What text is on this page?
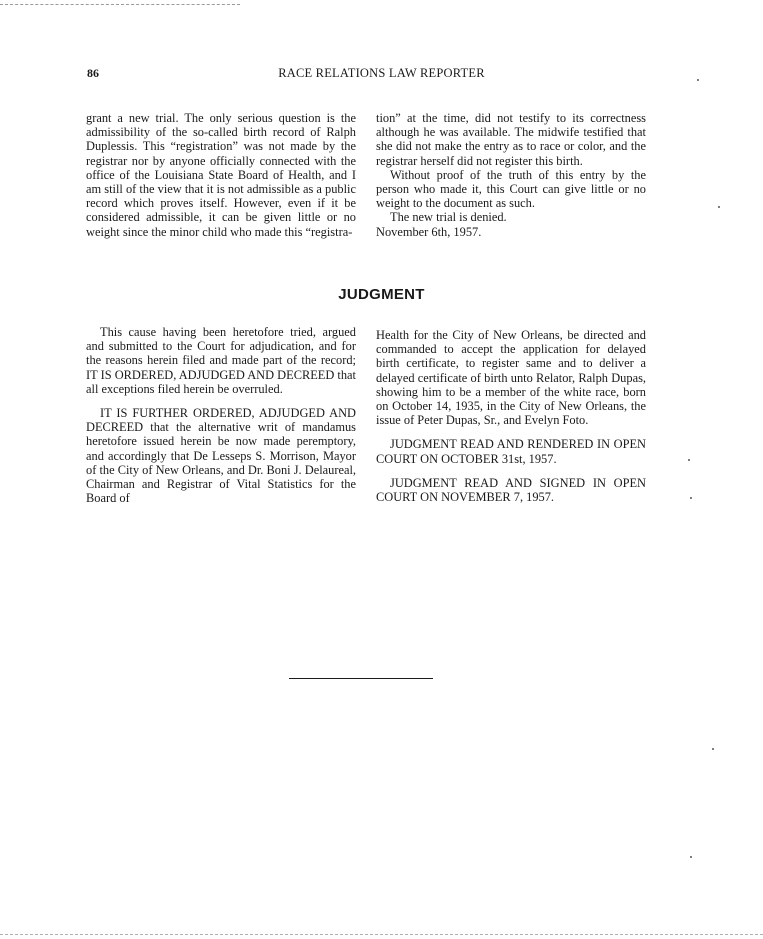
86	RACE RELATIONS LAW REPORTER

grant a new trial. The only serious question is the admissibility of the so-called birth record of Ralph Duplessis. This “registration” was not made by the registrar nor by anyone officially connected with the office of the Louisiana State Board of Health, and I am still of the view that it is not admissible as a public record which proves itself. However, even if it be considered admissible, it can be given little or no weight since the minor child who made this “registra-

tion” at the time, did not testify to its correctness although he was available. The midwife testified that she did not make the entry as to race or color, and the registrar herself did not register this birth.

Without proof of the truth of this entry by the person who made it, this Court can give little or no weight to the document as such.

The new trial is denied.

November 6th, 1957.

JUDGMENT

This cause having been heretofore tried, argued and submitted to the Court for adjudication, and for the reasons herein filed and made part of the record; IT IS ORDERED, ADJUDGED AND DECREED that all exceptions filed herein be overruled.

IT IS FURTHER ORDERED, ADJUDGED AND DECREED that the alternative writ of mandamus heretofore issued herein be now made peremptory, and accordingly that De Lesseps S. Morrison, Mayor of the City of New Orleans, and Dr. Boni J. Delaureal, Chairman and Registrar of Vital Statistics for the Board of

Health for the City of New Orleans, be directed and commanded to accept the application for delayed birth certificate, to register same and to deliver a delayed certificate of birth unto Relator, Ralph Dupas, showing him to be a member of the white race, born on October 14, 1935, in the City of New Orleans, the issue of Peter Dupas, Sr., and Evelyn Foto.

JUDGMENT READ AND RENDERED IN OPEN COURT ON OCTOBER 31st, 1957.

JUDGMENT READ AND SIGNED IN OPEN COURT ON NOVEMBER 7, 1957.
